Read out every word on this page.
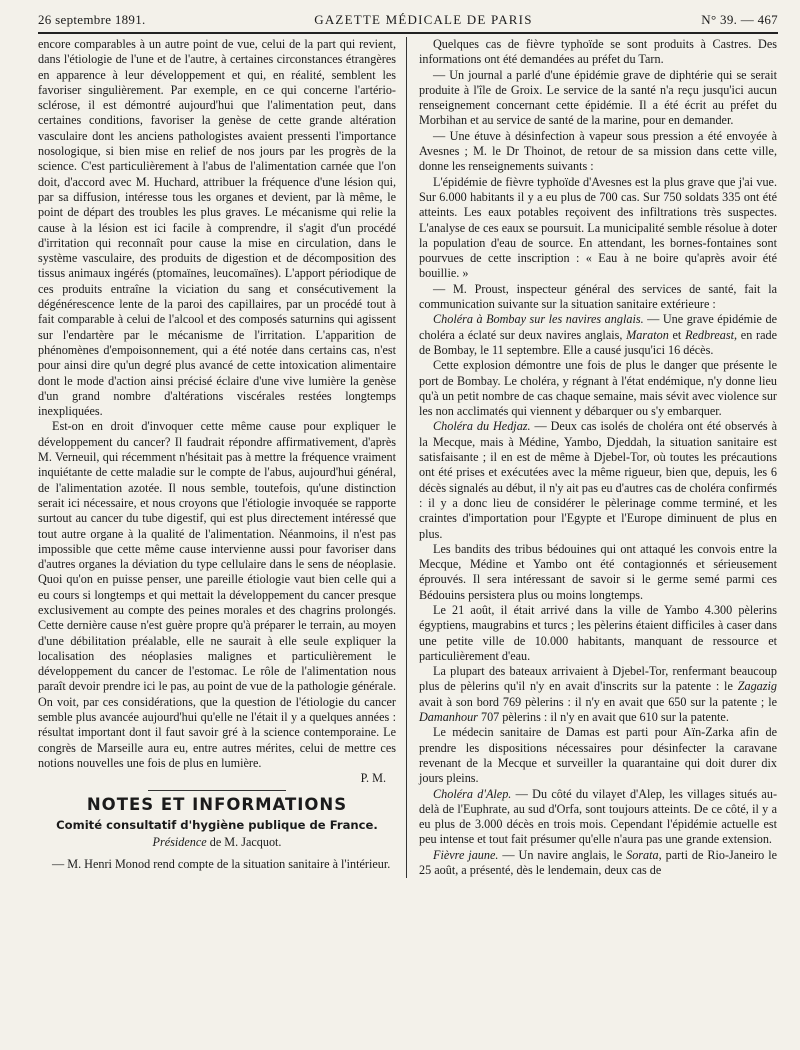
26 septembre 1891.	GAZETTE MÉDICALE DE PARIS	N° 39. — 467

encore comparables à un autre point de vue, celui de la part qui revient, dans l'étiologie de l'une et de l'autre, à certaines circonstances étrangères en apparence à leur développement et qui, en réalité, semblent les favoriser singulièrement. Par exemple, en ce qui concerne l'artério-sclérose, il est démontré aujourd'hui que l'alimentation peut, dans certaines conditions, favoriser la genèse de cette grande altération vasculaire dont les anciens pathologistes avaient pressenti l'importance nosologique, si bien mise en relief de nos jours par les progrès de la science. C'est particulièrement à l'abus de l'alimentation carnée que l'on doit, d'accord avec M. Huchard, attribuer la fréquence d'une lésion qui, par sa diffusion, intéresse tous les organes et devient, par là même, le point de départ des troubles les plus graves. Le mécanisme qui relie la cause à la lésion est ici facile à comprendre, il s'agit d'un procédé d'irritation qui reconnaît pour cause la mise en circulation, dans le système vasculaire, des produits de digestion et de décomposition des tissus animaux ingérés (ptomaïnes, leucomaïnes). L'apport périodique de ces produits entraîne la viciation du sang et consécutivement la dégénérescence lente de la paroi des capillaires, par un procédé tout à fait comparable à celui de l'alcool et des composés saturnins qui agissent sur l'endartère par le mécanisme de l'irritation. L'apparition de phénomènes d'empoisonnement, qui a été notée dans certains cas, n'est pour ainsi dire qu'un degré plus avancé de cette intoxication alimentaire dont le mode d'action ainsi précisé éclaire d'une vive lumière la genèse d'un grand nombre d'altérations viscérales restées longtemps inexpliquées.

Est-on en droit d'invoquer cette même cause pour expliquer le développement du cancer? Il faudrait répondre affirmativement, d'après M. Verneuil, qui récemment n'hésitait pas à mettre la fréquence vraiment inquiétante de cette maladie sur le compte de l'abus, aujourd'hui général, de l'alimentation azotée. Il nous semble, toutefois, qu'une distinction serait ici nécessaire, et nous croyons que l'étiologie invoquée se rapporte surtout au cancer du tube digestif, qui est plus directement intéressé que tout autre organe à la qualité de l'alimentation. Néanmoins, il n'est pas impossible que cette même cause intervienne aussi pour favoriser dans d'autres organes la déviation du type cellulaire dans le sens de néoplasie. Quoi qu'on en puisse penser, une pareille étiologie vaut bien celle qui a eu cours si longtemps et qui mettait la développement du cancer presque exclusivement au compte des peines morales et des chagrins prolongés. Cette dernière cause n'est guère propre qu'à préparer le terrain, au moyen d'une débilitation préalable, elle ne saurait à elle seule expliquer la localisation des néoplasies malignes et particulièrement le développement du cancer de l'estomac. Le rôle de l'alimentation nous paraît devoir prendre ici le pas, au point de vue de la pathologie générale. On voit, par ces considérations, que la question de l'étiologie du cancer semble plus avancée aujourd'hui qu'elle ne l'était il y a quelques années : résultat important dont il faut savoir gré à la science contemporaine. Le congrès de Marseille aura eu, entre autres mérites, celui de mettre ces notions nouvelles une fois de plus en lumière.

P. M.

NOTES ET INFORMATIONS
Comité consultatif d'hygiène publique de France.
Présidence de M. Jacquot.

— M. Henri Monod rend compte de la situation sanitaire à l'intérieur.

Quelques cas de fièvre typhoïde se sont produits à Castres. Des informations ont été demandées au préfet du Tarn.

— Un journal a parlé d'une épidémie grave de diphtérie qui se serait produite à l'île de Groix. Le service de la santé n'a reçu jusqu'ici aucun renseignement concernant cette épidémie. Il a été écrit au préfet du Morbihan et au service de santé de la marine, pour en demander.

— Une étuve à désinfection à vapeur sous pression a été envoyée à Avesnes ; M. le Dr Thoinot, de retour de sa mission dans cette ville, donne les renseignements suivants :

L'épidémie de fièvre typhoïde d'Avesnes est la plus grave que j'ai vue. Sur 6.000 habitants il y a eu plus de 700 cas. Sur 750 soldats 335 ont été atteints. Les eaux potables reçoivent des infiltrations très suspectes. L'analyse de ces eaux se poursuit. La municipalité semble résolue à doter la population d'eau de source. En attendant, les bornes-fontaines sont pourvues de cette inscription : « Eau à ne boire qu'après avoir été bouillie. »

— M. Proust, inspecteur général des services de santé, fait la communication suivante sur la situation sanitaire extérieure :

Choléra à Bombay sur les navires anglais. — Une grave épidémie de choléra a éclaté sur deux navires anglais, Maraton et Redbreast, en rade de Bombay, le 11 septembre. Elle a causé jusqu'ici 16 décès.

Cette explosion démontre une fois de plus le danger que présente le port de Bombay. Le choléra, y régnant à l'état endémique, n'y donne lieu qu'à un petit nombre de cas chaque semaine, mais sévit avec violence sur les non acclimatés qui viennent y débarquer ou s'y embarquer.

Choléra du Hedjaz. — Deux cas isolés de choléra ont été observés à la Mecque, mais à Médine, Yambo, Djeddah, la situation sanitaire est satisfaisante ; il en est de même à Djebel-Tor, où toutes les précautions ont été prises et exécutées avec la même rigueur, bien que, depuis, les 6 décès signalés au début, il n'y ait pas eu d'autres cas de choléra confirmés : il y a donc lieu de considérer le pèlerinage comme terminé, et les craintes d'importation pour l'Egypte et l'Europe diminuent de plus en plus.

Les bandits des tribus bédouines qui ont attaqué les convois entre la Mecque, Médine et Yambo ont été contagionnés et sérieusement éprouvés. Il sera intéressant de savoir si le germe semé parmi ces Bédouins persistera plus ou moins longtemps.

Le 21 août, il était arrivé dans la ville de Yambo 4.300 pèlerins égyptiens, maugrabins et turcs ; les pèlerins étaient difficiles à caser dans une petite ville de 10.000 habitants, manquant de ressource et particulièrement d'eau.

La plupart des bateaux arrivaient à Djebel-Tor, renfermant beaucoup plus de pèlerins qu'il n'y en avait d'inscrits sur la patente : le Zagazig avait à son bord 769 pèlerins : il n'y en avait que 650 sur la patente ; le Damanhour 707 pèlerins : il n'y en avait que 610 sur la patente.

Le médecin sanitaire de Damas est parti pour Aïn-Zarka afin de prendre les dispositions nécessaires pour désinfecter la caravane revenant de la Mecque et surveiller la quarantaine qui doit durer dix jours pleins.

Choléra d'Alep. — Du côté du vilayet d'Alep, les villages situés au-delà de l'Euphrate, au sud d'Orfa, sont toujours atteints. De ce côté, il y a eu plus de 3.000 décès en trois mois. Cependant l'épidémie actuelle est peu intense et tout fait présumer qu'elle n'aura pas une grande extension.

Fièvre jaune. — Un navire anglais, le Sorata, parti de Rio-Janeiro le 25 août, a présenté, dès le lendemain, deux cas de
